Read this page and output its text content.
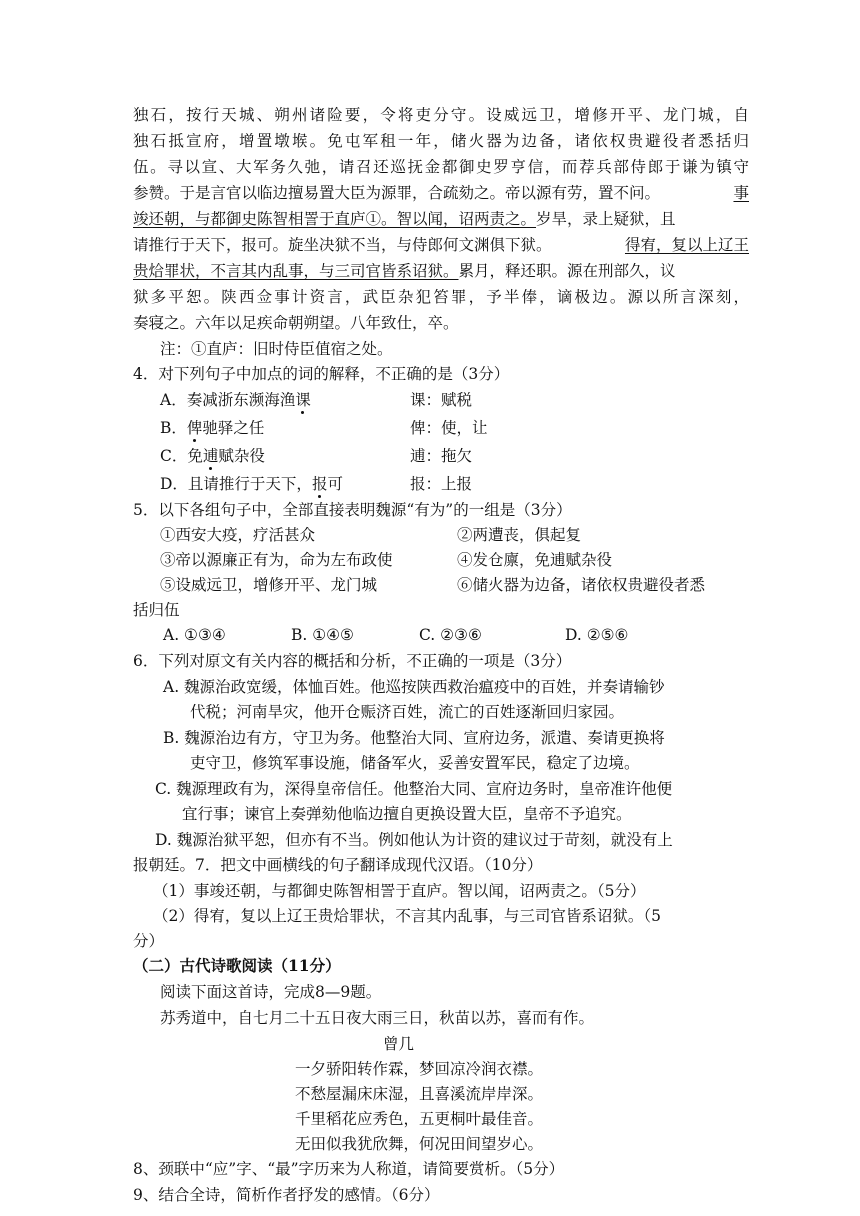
独石，按行天城、朔州诸险要，令将吏分守。设威远卫，增修开平、龙门城，自
独石抵宣府，增置墩堠。免屯军租一年，储火器为边备，诸依权贵避役者悉括归
伍。寻以宣、大军务久弛，请召还巡抚金都御史罗亨信，而荐兵部侍郎于谦为镇守
参赞。于是言官以临边擅易置大臣为源罪，合疏劾之。帝以源有劳，置不问。	事
竣还朝，与都御史陈智相詈于直庐①。智以闻，诏两责之。岁旱，录上疑狱，且
请推行于天下，报可。旋坐决狱不当，与侍郎何文渊俱下狱。	得宥，复以上辽王
贵烚罪状，不言其内乱事，与三司官皆系诏狱。累月，释还职。源在刑部久，议
狱多平恕。陕西佥事计资言，武臣杂犯笞罪，予半俸，谪极边。源以所言深刻，
奏寝之。六年以足疾命朝朔望。八年致仕，卒。
注：①直庐：旧时侍臣值宿之处。
4．对下列句子中加点的词的解释，不正确的是（3分）
A．奏减浙东濒海渔课	课：赋税
B．俾驰驿之任	俾：使，让
C．免逋赋杂役	逋：拖欠
D．且请推行于天下，报可	报：上报
5．以下各组句子中，全部直接表明魏源“有为”的一组是（3分）
①西安大疫，疗活甚众	②两遭丧，俱起复
③帝以源廉正有为，命为左布政使	④发仓廪，免逋赋杂役
⑤设威远卫，增修开平、龙门城	⑥储火器为边备，诸依权贵避役者悉
括归伍
A. ①③④	B. ①④⑤	C. ②③⑥	D. ②⑤⑥
6．下列对原文有关内容的概括和分析，不正确的一项是（3分）
A. 魏源治政宽缓，体恤百姓。他巡按陕西救治瘟疫中的百姓，并奏请输钞
代税；河南旱灾，他开仓赈济百姓，流亡的百姓逐渐回归家园。
B. 魏源治边有方，守卫为务。他整治大同、宣府边务，派遣、奏请更换将
吏守卫，修筑军事设施，储备军火，妥善安置军民，稳定了边境。
C. 魏源理政有为，深得皇帝信任。他整治大同、宣府边务时，皇帝准许他便
宜行事；谏官上奏弹劾他临边擅自更换设置大臣，皇帝不予追究。
D. 魏源治狱平恕，但亦有不当。例如他认为计资的建议过于苛刻，就没有上
报朝廷。7．把文中画横线的句子翻译成现代汉语。（10分）
（1）事竣还朝，与都御史陈智相詈于直庐。智以闻，诏两责之。（5分）
（2）得宥，复以上辽王贵烚罪状，不言其内乱事，与三司官皆系诏狱。（5
分）
（二）古代诗歌阅读（11分）
阅读下面这首诗，完成8—9题。
苏秀道中，自七月二十五日夜大雨三日，秋苗以苏，喜而有作。
曾几
一夕骄阳转作霖，梦回凉冷润衣襟。
不愁屋漏床床湿，且喜溪流岸岸深。
千里稻花应秀色，五更桐叶最佳音。
无田似我犹欣舞，何况田间望岁心。
8、颈联中“应”字、“最”字历来为人称道，请简要赏析。（5分）
9、结合全诗，简析作者抒发的感情。（6分）
